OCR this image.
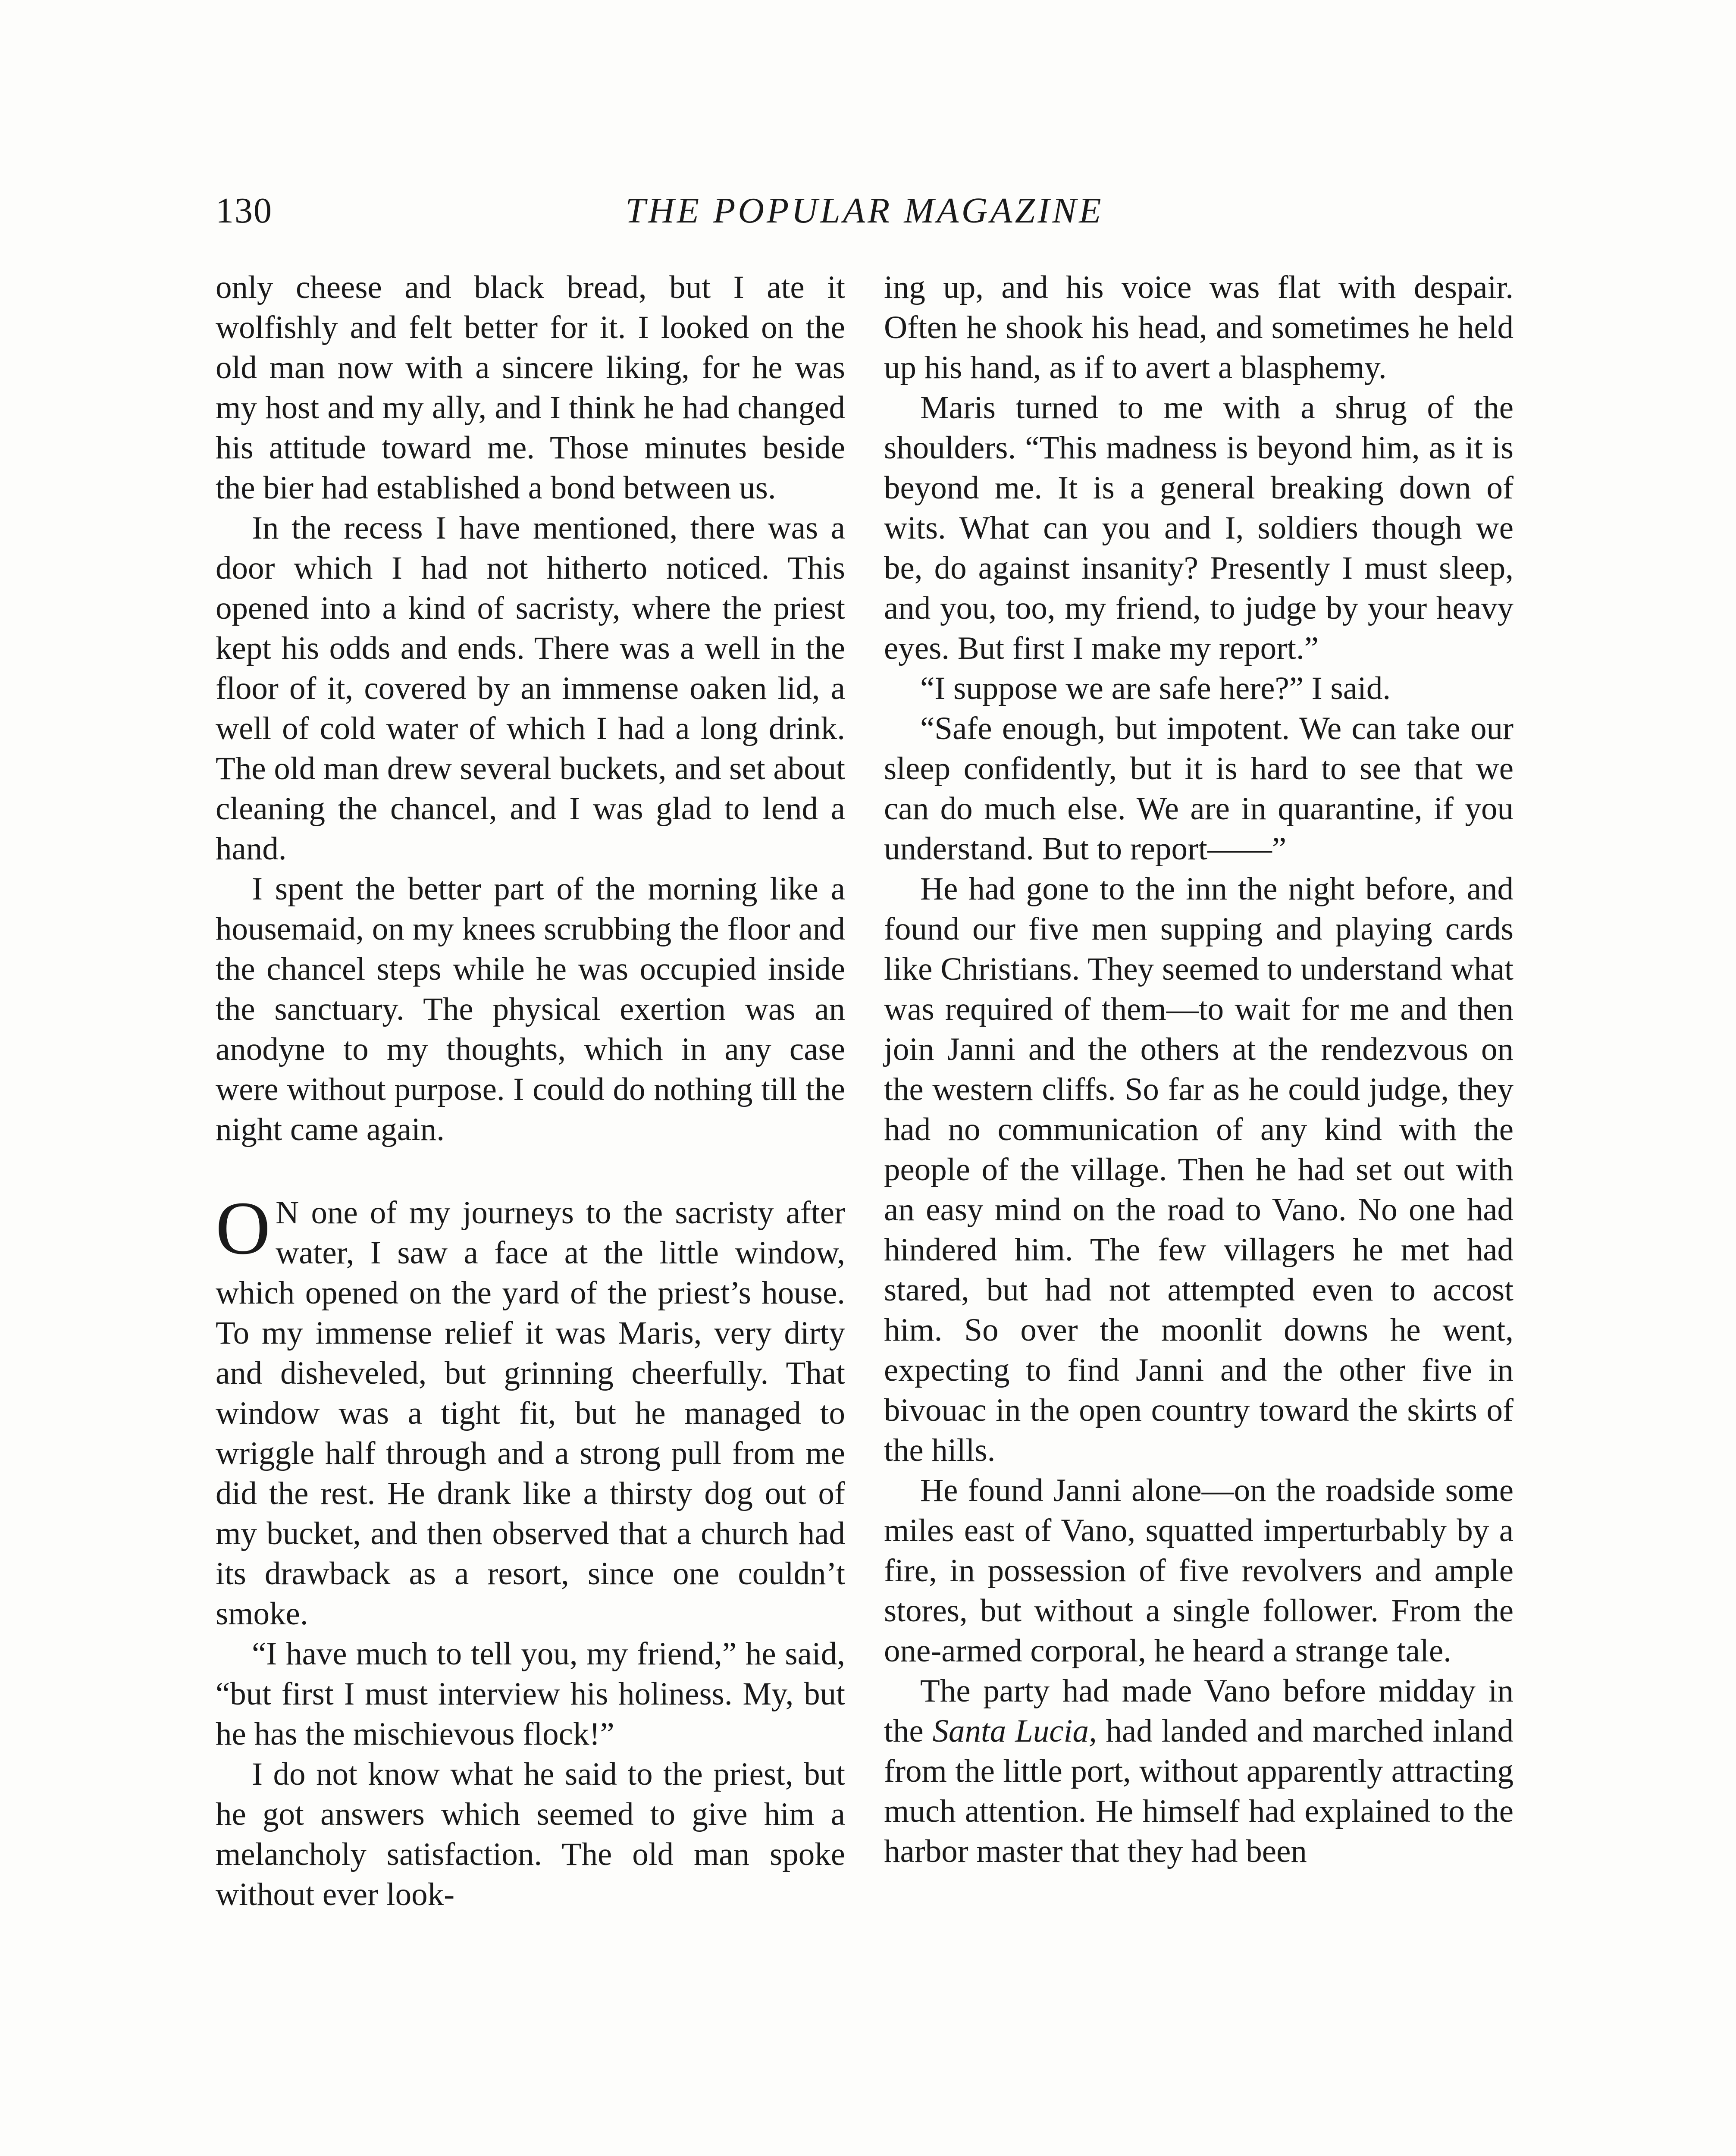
130	THE POPULAR MAGAZINE

only cheese and black bread, but I ate it wolfishly and felt better for it. I looked on the old man now with a sincere liking, for he was my host and my ally, and I think he had changed his attitude toward me. Those minutes beside the bier had established a bond between us.

In the recess I have mentioned, there was a door which I had not hitherto noticed. This opened into a kind of sacristy, where the priest kept his odds and ends. There was a well in the floor of it, covered by an immense oaken lid, a well of cold water of which I had a long drink. The old man drew several buckets, and set about cleaning the chancel, and I was glad to lend a hand.

I spent the better part of the morning like a housemaid, on my knees scrubbing the floor and the chancel steps while he was occupied inside the sanctuary. The physical exertion was an anodyne to my thoughts, which in any case were without purpose. I could do nothing till the night came again.

O N one of my journeys to the sacristy after water, I saw a face at the little window, which opened on the yard of the priest’s house. To my immense relief it was Maris, very dirty and disheveled, but grinning cheerfully. That window was a tight fit, but he managed to wriggle half through and a strong pull from me did the rest. He drank like a thirsty dog out of my bucket, and then observed that a church had its drawback as a resort, since one couldn’t smoke.

“I have much to tell you, my friend,” he said, “but first I must interview his holiness. My, but he has the mischievous flock!”

I do not know what he said to the priest, but he got answers which seemed to give him a melancholy satisfaction. The old man spoke without ever look-

ing up, and his voice was flat with despair. Often he shook his head, and sometimes he held up his hand, as if to avert a blasphemy.

Maris turned to me with a shrug of the shoulders. “This madness is beyond him, as it is beyond me. It is a general breaking down of wits. What can you and I, soldiers though we be, do against insanity? Presently I must sleep, and you, too, my friend, to judge by your heavy eyes. But first I make my report.”

“I suppose we are safe here?” I said.

“Safe enough, but impotent. We can take our sleep confidently, but it is hard to see that we can do much else. We are in quarantine, if you understand. But to report——”

He had gone to the inn the night before, and found our five men supping and playing cards like Christians. They seemed to understand what was required of them—to wait for me and then join Janni and the others at the rendezvous on the western cliffs. So far as he could judge, they had no communication of any kind with the people of the village. Then he had set out with an easy mind on the road to Vano. No one had hindered him. The few villagers he met had stared, but had not attempted even to accost him. So over the moonlit downs he went, expecting to find Janni and the other five in bivouac in the open country toward the skirts of the hills.

He found Janni alone—on the roadside some miles east of Vano, squatted imperturbably by a fire, in possession of five revolvers and ample stores, but without a single follower. From the one-armed corporal, he heard a strange tale.

The party had made Vano before midday in the Santa Lucia, had landed and marched inland from the little port, without apparently attracting much attention. He himself had explained to the harbor master that they had been
